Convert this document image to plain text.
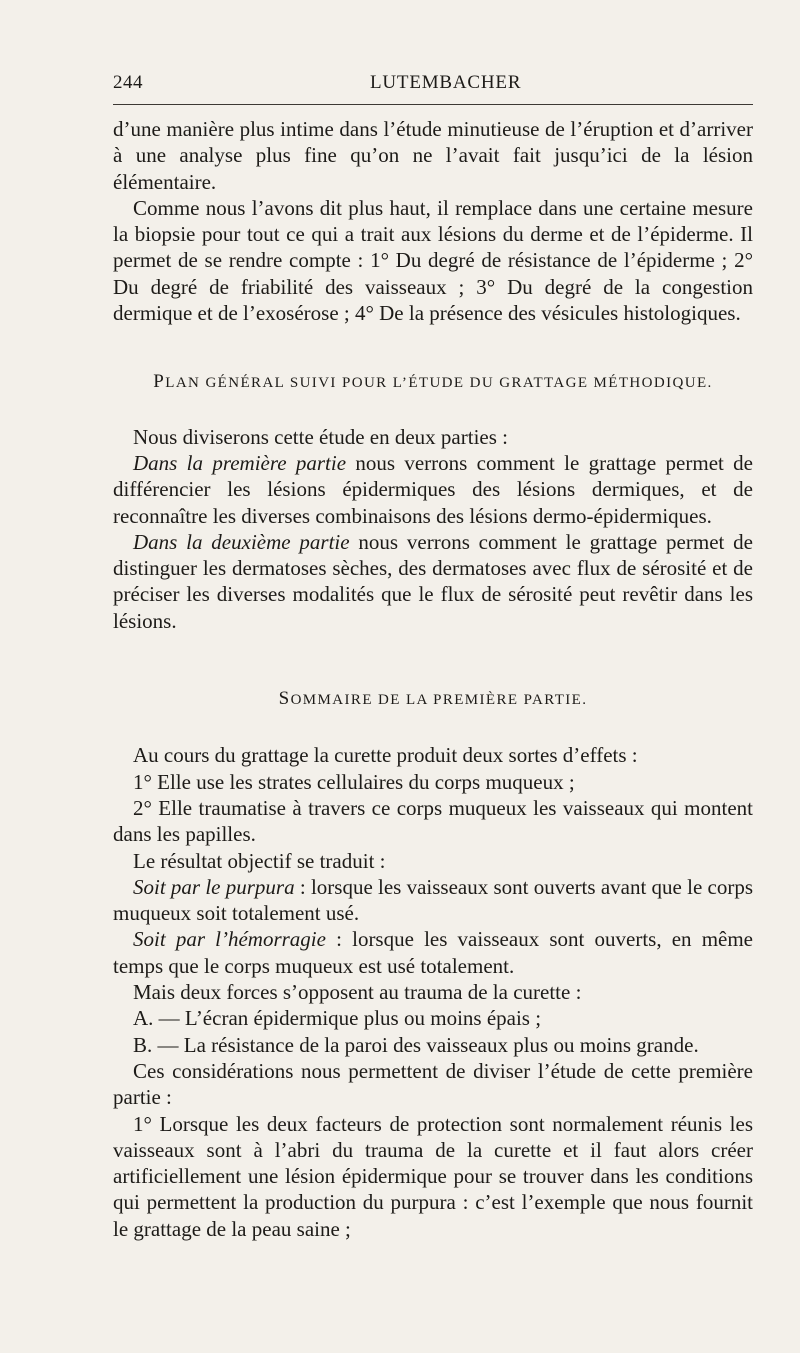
244	LUTEMBACHER

d’une manière plus intime dans l’étude minutieuse de l’éruption et d’arriver à une analyse plus fine qu’on ne l’avait fait jusqu’ici de la lésion élémentaire.

Comme nous l’avons dit plus haut, il remplace dans une certaine mesure la biopsie pour tout ce qui a trait aux lésions du derme et de l’épiderme. Il permet de se rendre compte : 1° Du degré de résistance de l’épiderme ; 2° Du degré de friabilité des vaisseaux ; 3° Du degré de la congestion dermique et de l’exosérose ; 4° De la présence des vésicules histologiques.

PLAN GÉNÉRAL SUIVI POUR L’ÉTUDE DU GRATTAGE MÉTHODIQUE.

Nous diviserons cette étude en deux parties :

Dans la première partie nous verrons comment le grattage permet de différencier les lésions épidermiques des lésions dermiques, et de reconnaître les diverses combinaisons des lésions dermo-épidermiques.

Dans la deuxième partie nous verrons comment le grattage permet de distinguer les dermatoses sèches, des dermatoses avec flux de sérosité et de préciser les diverses modalités que le flux de sérosité peut revêtir dans les lésions.

SOMMAIRE DE LA PREMIÈRE PARTIE.

Au cours du grattage la curette produit deux sortes d’effets :

1° Elle use les strates cellulaires du corps muqueux ;

2° Elle traumatise à travers ce corps muqueux les vaisseaux qui montent dans les papilles.

Le résultat objectif se traduit :

Soit par le purpura : lorsque les vaisseaux sont ouverts avant que le corps muqueux soit totalement usé.

Soit par l’hémorragie : lorsque les vaisseaux sont ouverts, en même temps que le corps muqueux est usé totalement.

Mais deux forces s’opposent au trauma de la curette :

A. — L’écran épidermique plus ou moins épais ;

B. — La résistance de la paroi des vaisseaux plus ou moins grande.

Ces considérations nous permettent de diviser l’étude de cette première partie :

1° Lorsque les deux facteurs de protection sont normalement réunis les vaisseaux sont à l’abri du trauma de la curette et il faut alors créer artificiellement une lésion épidermique pour se trouver dans les conditions qui permettent la production du purpura : c’est l’exemple que nous fournit le grattage de la peau saine ;
